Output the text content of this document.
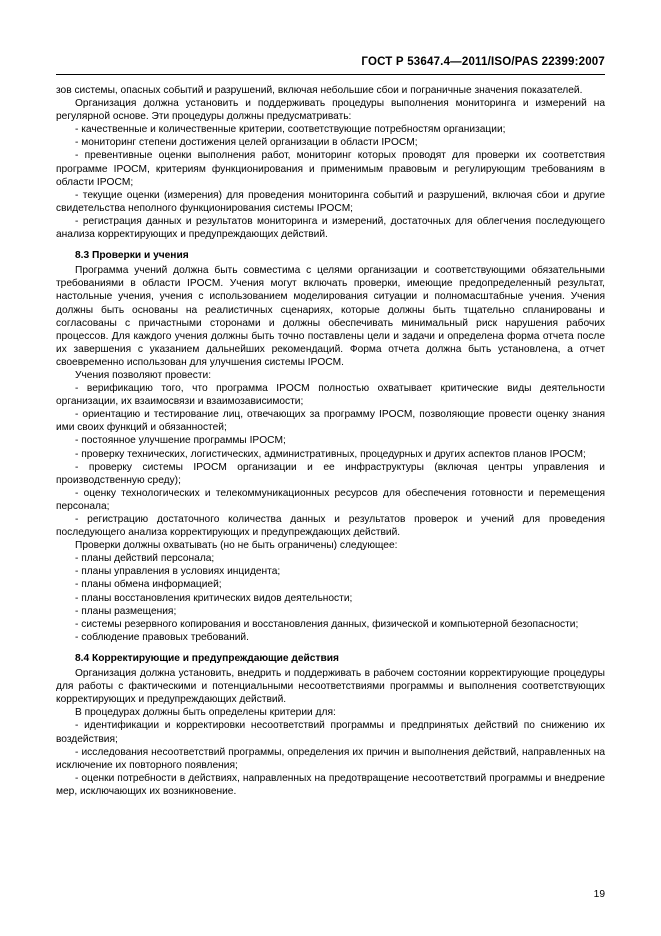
ГОСТ Р 53647.4—2011/ISO/PAS 22399:2007

зов системы, опасных событий и разрушений, включая небольшие сбои и пограничные значения показателей.

Организация должна установить и поддерживать процедуры выполнения мониторинга и измерений на регулярной основе. Эти процедуры должны предусматривать:

- качественные и количественные критерии, соответствующие потребностям организации;

- мониторинг степени достижения целей организации в области IPOCM;

- превентивные оценки выполнения работ, мониторинг которых проводят для проверки их соответствия программе IPOCM, критериям функционирования и применимым правовым и регулирующим требованиям в области IPOCM;

- текущие оценки (измерения) для проведения мониторинга событий и разрушений, включая сбои и другие свидетельства неполного функционирования системы IPOCM;

- регистрация данных и результатов мониторинга и измерений, достаточных для облегчения последующего анализа корректирующих и предупреждающих действий.

8.3 Проверки и учения

Программа учений должна быть совместима с целями организации и соответствующими обязательными требованиями в области IPOCM. Учения могут включать проверки, имеющие предопределенный результат, настольные учения, учения с использованием моделирования ситуации и полномасштабные учения. Учения должны быть основаны на реалистичных сценариях, которые должны быть тщательно спланированы и согласованы с причастными сторонами и должны обеспечивать минимальный риск нарушения рабочих процессов. Для каждого учения должны быть точно поставлены цели и задачи и определена форма отчета после их завершения с указанием дальнейших рекомендаций. Форма отчета должна быть установлена, а отчет своевременно использован для улучшения системы IPOCM.

Учения позволяют провести:

- верификацию того, что программа IPOCM полностью охватывает критические виды деятельности организации, их взаимосвязи и взаимозависимости;

- ориентацию и тестирование лиц, отвечающих за программу IPOCM, позволяющие провести оценку знания ими своих функций и обязанностей;

- постоянное улучшение программы IPOCM;

- проверку технических, логистических, административных, процедурных и других аспектов планов IPOCM;

- проверку системы IPOCM организации и ее инфраструктуры (включая центры управления и производственную среду);

- оценку технологических и телекоммуникационных ресурсов для обеспечения готовности и перемещения персонала;

- регистрацию достаточного количества данных и результатов проверок и учений для проведения последующего анализа корректирующих и предупреждающих действий.

Проверки должны охватывать (но не быть ограничены) следующее:

- планы действий персонала;

- планы управления в условиях инцидента;

- планы обмена информацией;

- планы восстановления критических видов деятельности;

- планы размещения;

- системы резервного копирования и восстановления данных, физической и компьютерной безопасности;

- соблюдение правовых требований.

8.4 Корректирующие и предупреждающие действия

Организация должна установить, внедрить и поддерживать в рабочем состоянии корректирующие процедуры для работы с фактическими и потенциальными несоответствиями программы и выполнения соответствующих корректирующих и предупреждающих действий.

В процедурах должны быть определены критерии для:

- идентификации и корректировки несоответствий программы и предпринятых действий по снижению их воздействия;

- исследования несоответствий программы, определения их причин и выполнения действий, направленных на исключение их повторного появления;

- оценки потребности в действиях, направленных на предотвращение несоответствий программы и внедрение мер, исключающих их возникновение.

19
